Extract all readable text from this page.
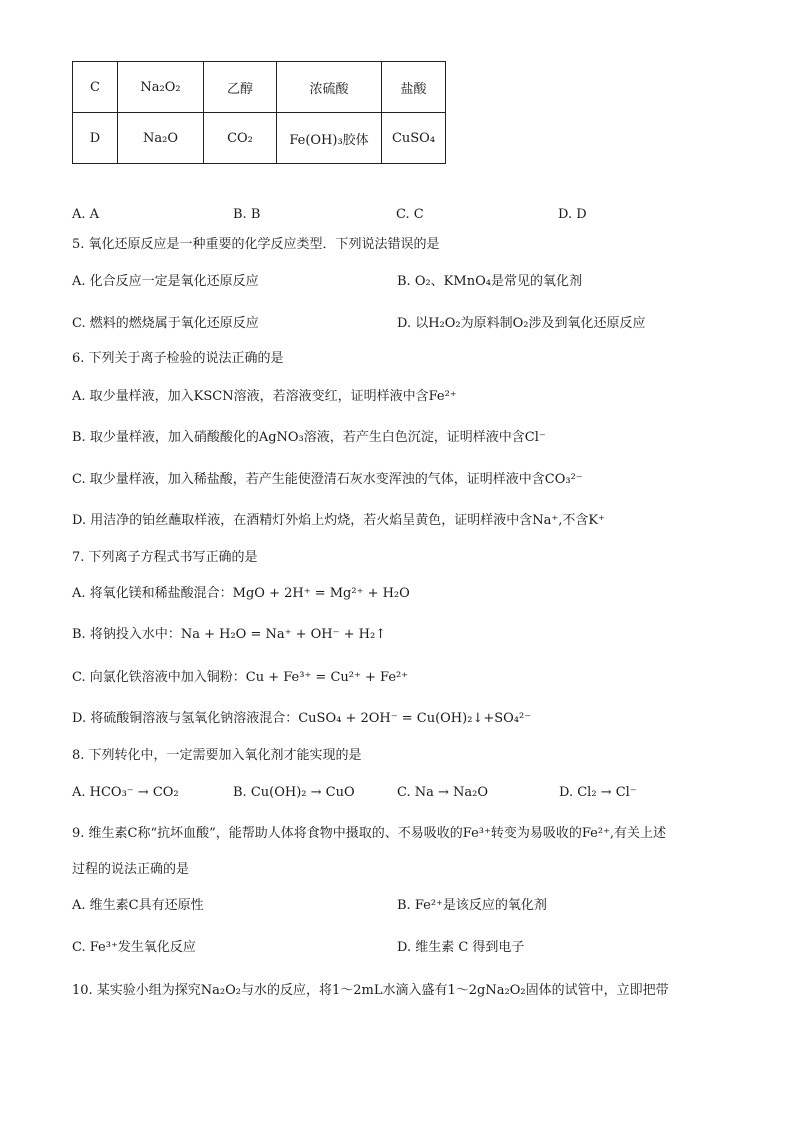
C	Na₂O₂	乙醇	浓硫酸	盐酸
D	Na₂O	CO₂	Fe(OH)₃胶体	CuSO₄
A. A	B. B	C. C	D. D
5. 氧化还原反应是一种重要的化学反应类型．下列说法错误的是
A. 化合反应一定是氧化还原反应	B. O₂、KMnO₄是常见的氧化剂
C. 燃料的燃烧属于氧化还原反应	D. 以H₂O₂为原料制O₂涉及到氧化还原反应
6. 下列关于离子检验的说法正确的是
A. 取少量样液，加入KSCN溶液，若溶液变红，证明样液中含Fe²⁺
B. 取少量样液，加入硝酸酸化的AgNO₃溶液，若产生白色沉淀，证明样液中含Cl⁻
C. 取少量样液，加入稀盐酸，若产生能使澄清石灰水变浑浊的气体，证明样液中含CO₃²⁻
D. 用洁净的铂丝蘸取样液，在酒精灯外焰上灼烧，若火焰呈黄色，证明样液中含Na⁺,不含K⁺
7. 下列离子方程式书写正确的是
A. 将氧化镁和稀盐酸混合：MgO + 2H⁺ = Mg²⁺ + H₂O
B. 将钠投入水中：Na + H₂O = Na⁺ + OH⁻ + H₂↑
C. 向氯化铁溶液中加入铜粉：Cu + Fe³⁺ = Cu²⁺ + Fe²⁺
D. 将硫酸铜溶液与氢氧化钠溶液混合：CuSO₄ + 2OH⁻ = Cu(OH)₂↓+SO₄²⁻
8. 下列转化中，一定需要加入氧化剂才能实现的是
A. HCO₃⁻ → CO₂	B. Cu(OH)₂ → CuO	C. Na → Na₂O	D. Cl₂ → Cl⁻
9. 维生素C称“抗坏血酸”，能帮助人体将食物中摄取的、不易吸收的Fe³⁺转变为易吸收的Fe²⁺,有关上述
过程的说法正确的是
A. 维生素C具有还原性	B. Fe²⁺是该反应的氧化剂
C. Fe³⁺发生氧化反应	D. 维生素 C 得到电子
10. 某实验小组为探究Na₂O₂与水的反应，将1～2mL水滴入盛有1～2gNa₂O₂固体的试管中，立即把带
